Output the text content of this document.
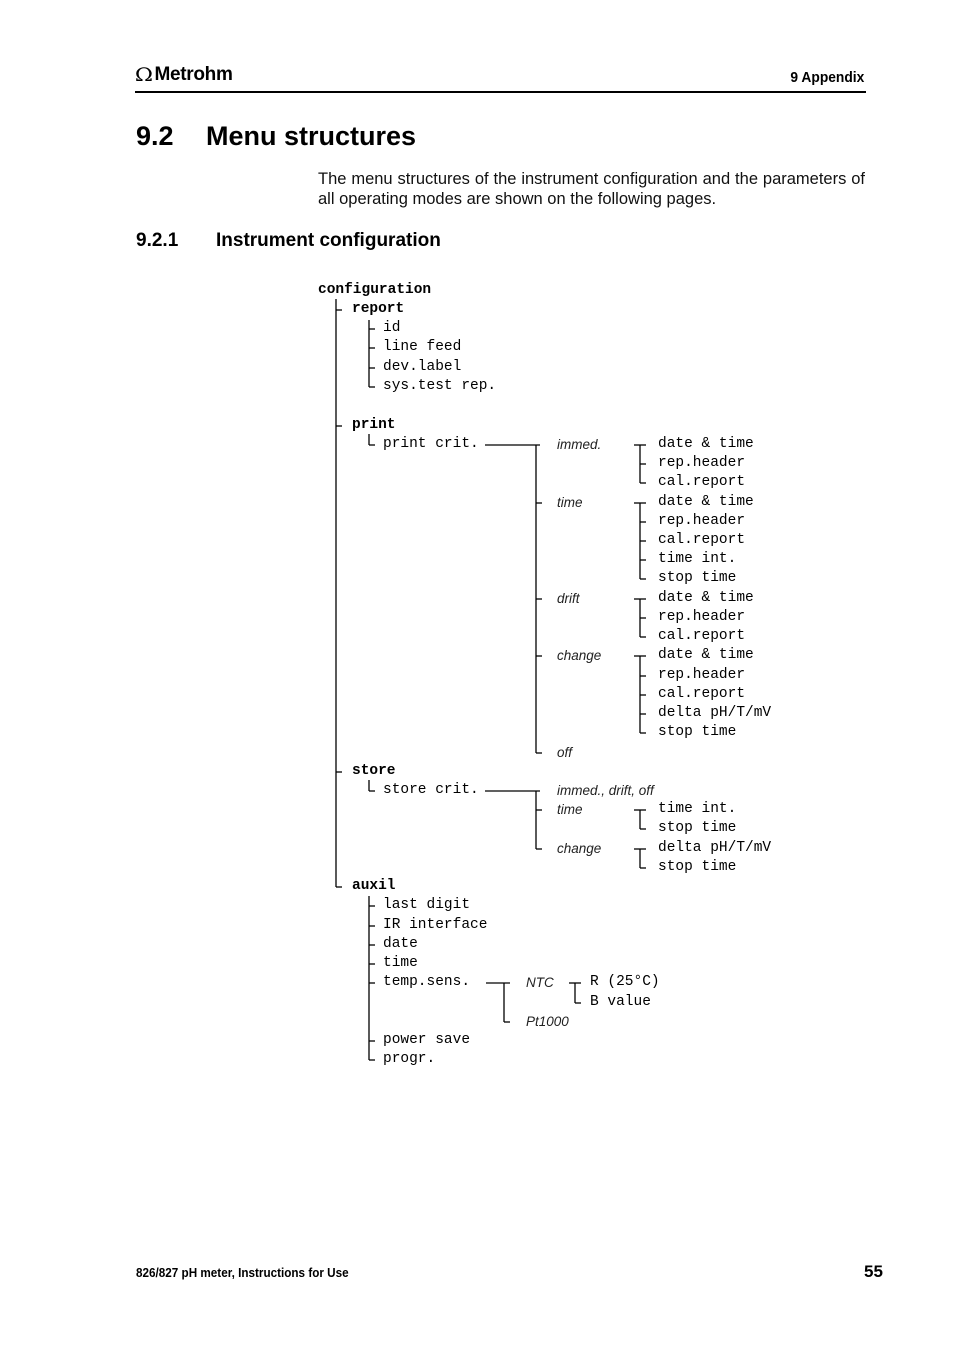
Ω Metrohm	9 Appendix
9.2 Menu structures
The menu structures of the instrument configuration and the parameters of all operating modes are shown on the following pages.
9.2.1 Instrument configuration
configuration
report
id
line feed
dev.label
sys.test rep.
print
print crit.	immed.	date & time
rep.header
cal.report
time	date & time
rep.header
cal.report
time int.
stop time
drift	date & time
rep.header
cal.report
change	date & time
rep.header
cal.report
delta pH/T/mV
stop time
off
store
store crit.	immed., drift, off
time	time int.
stop time
change	delta pH/T/mV
stop time
auxil
last digit
IR interface
date
time
temp.sens.	NTC	R (25°C)
B value
Pt1000
power save
progr.
826/827 pH meter, Instructions for Use	55
